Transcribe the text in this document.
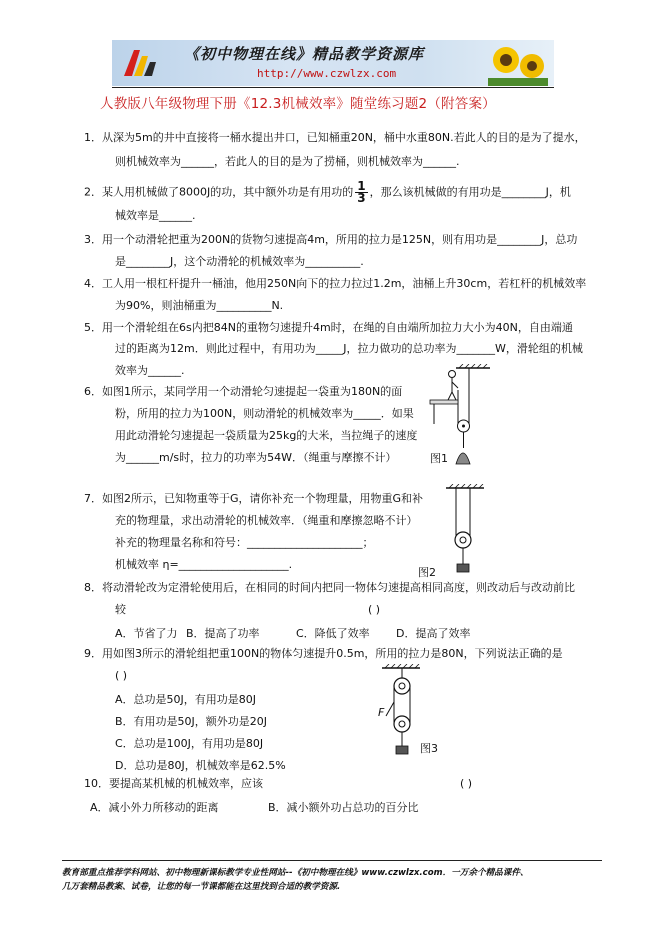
《初中物理在线》精品教学资源库
http://www.czwlzx.com
人教版八年级物理下册《12.3机械效率》随堂练习题2（附答案）
1．从深为5m的井中直接将一桶水提出井口，已知桶重20N，桶中水重80N.若此人的目的是为了提水，
则机械效率为______，若此人的目的是为了捞桶，则机械效率为______.
2．某人用机械做了8000J的功，其中额外功是有用功的 $\frac{1}{3}$ ，那么该机械做的有用功是________J，机
械效率是______.
3．用一个动滑轮把重为200N的货物匀速提高4m，所用的拉力是125N，则有用功是________J，总功
是________J，这个动滑轮的机械效率为__________.
4．工人用一根杠杆提升一桶油，他用250N向下的拉力拉过1.2m，油桶上升30cm，若杠杆的机械效率
为90%，则油桶重为__________N.
5．用一个滑轮组在6s内把84N的重物匀速提升4m时，在绳的自由端所加拉力大小为40N，自由端通
过的距离为12m．则此过程中，有用功为_____J，拉力做功的总功率为_______W，滑轮组的机械
效率为______.
6．如图1所示，某同学用一个动滑轮匀速提起一袋重为180N的面
粉，所用的拉力为100N，则动滑轮的机械效率为_____．如果
用此动滑轮匀速提起一袋质量为25kg的大米，当拉绳子的速度
为______m/s时，拉力的功率为54W．（绳重与摩擦不计）	图1
7．如图2所示，已知物重等于G，请你补充一个物理量，用物重G和补
充的物理量，求出动滑轮的机械效率．（绳重和摩擦忽略不计）
补充的物理量名称和符号：_____________________；
机械效率 η=____________________.
图2
8．将动滑轮改为定滑轮使用后，在相同的时间内把同一物体匀速提高相同高度，则改动后与改动前比
较	( )
A．节省了力 B．提高了功率	C．降低了效率 D．提高了效率
9．用如图3所示的滑轮组把重100N的物体匀速提升0.5m，所用的拉力是80N，下列说法正确的是
( )
A．总功是50J，有用功是80J
B．有用功是50J，额外功是20J
C．总功是100J，有用功是80J
D．总功是80J，机械效率是62.5%
F
图3
10．要提高某机械的机械效率，应该	( )
A．减小外力所移动的距离	B．减小额外功占总功的百分比
教育部重点推荐学科网站、初中物理新课标教学专业性网站--《初中物理在线》www.czwlzx.com．一万余个精品课件、
几万套精品教案、试卷，让您的每一节课都能在这里找到合适的教学资源.
